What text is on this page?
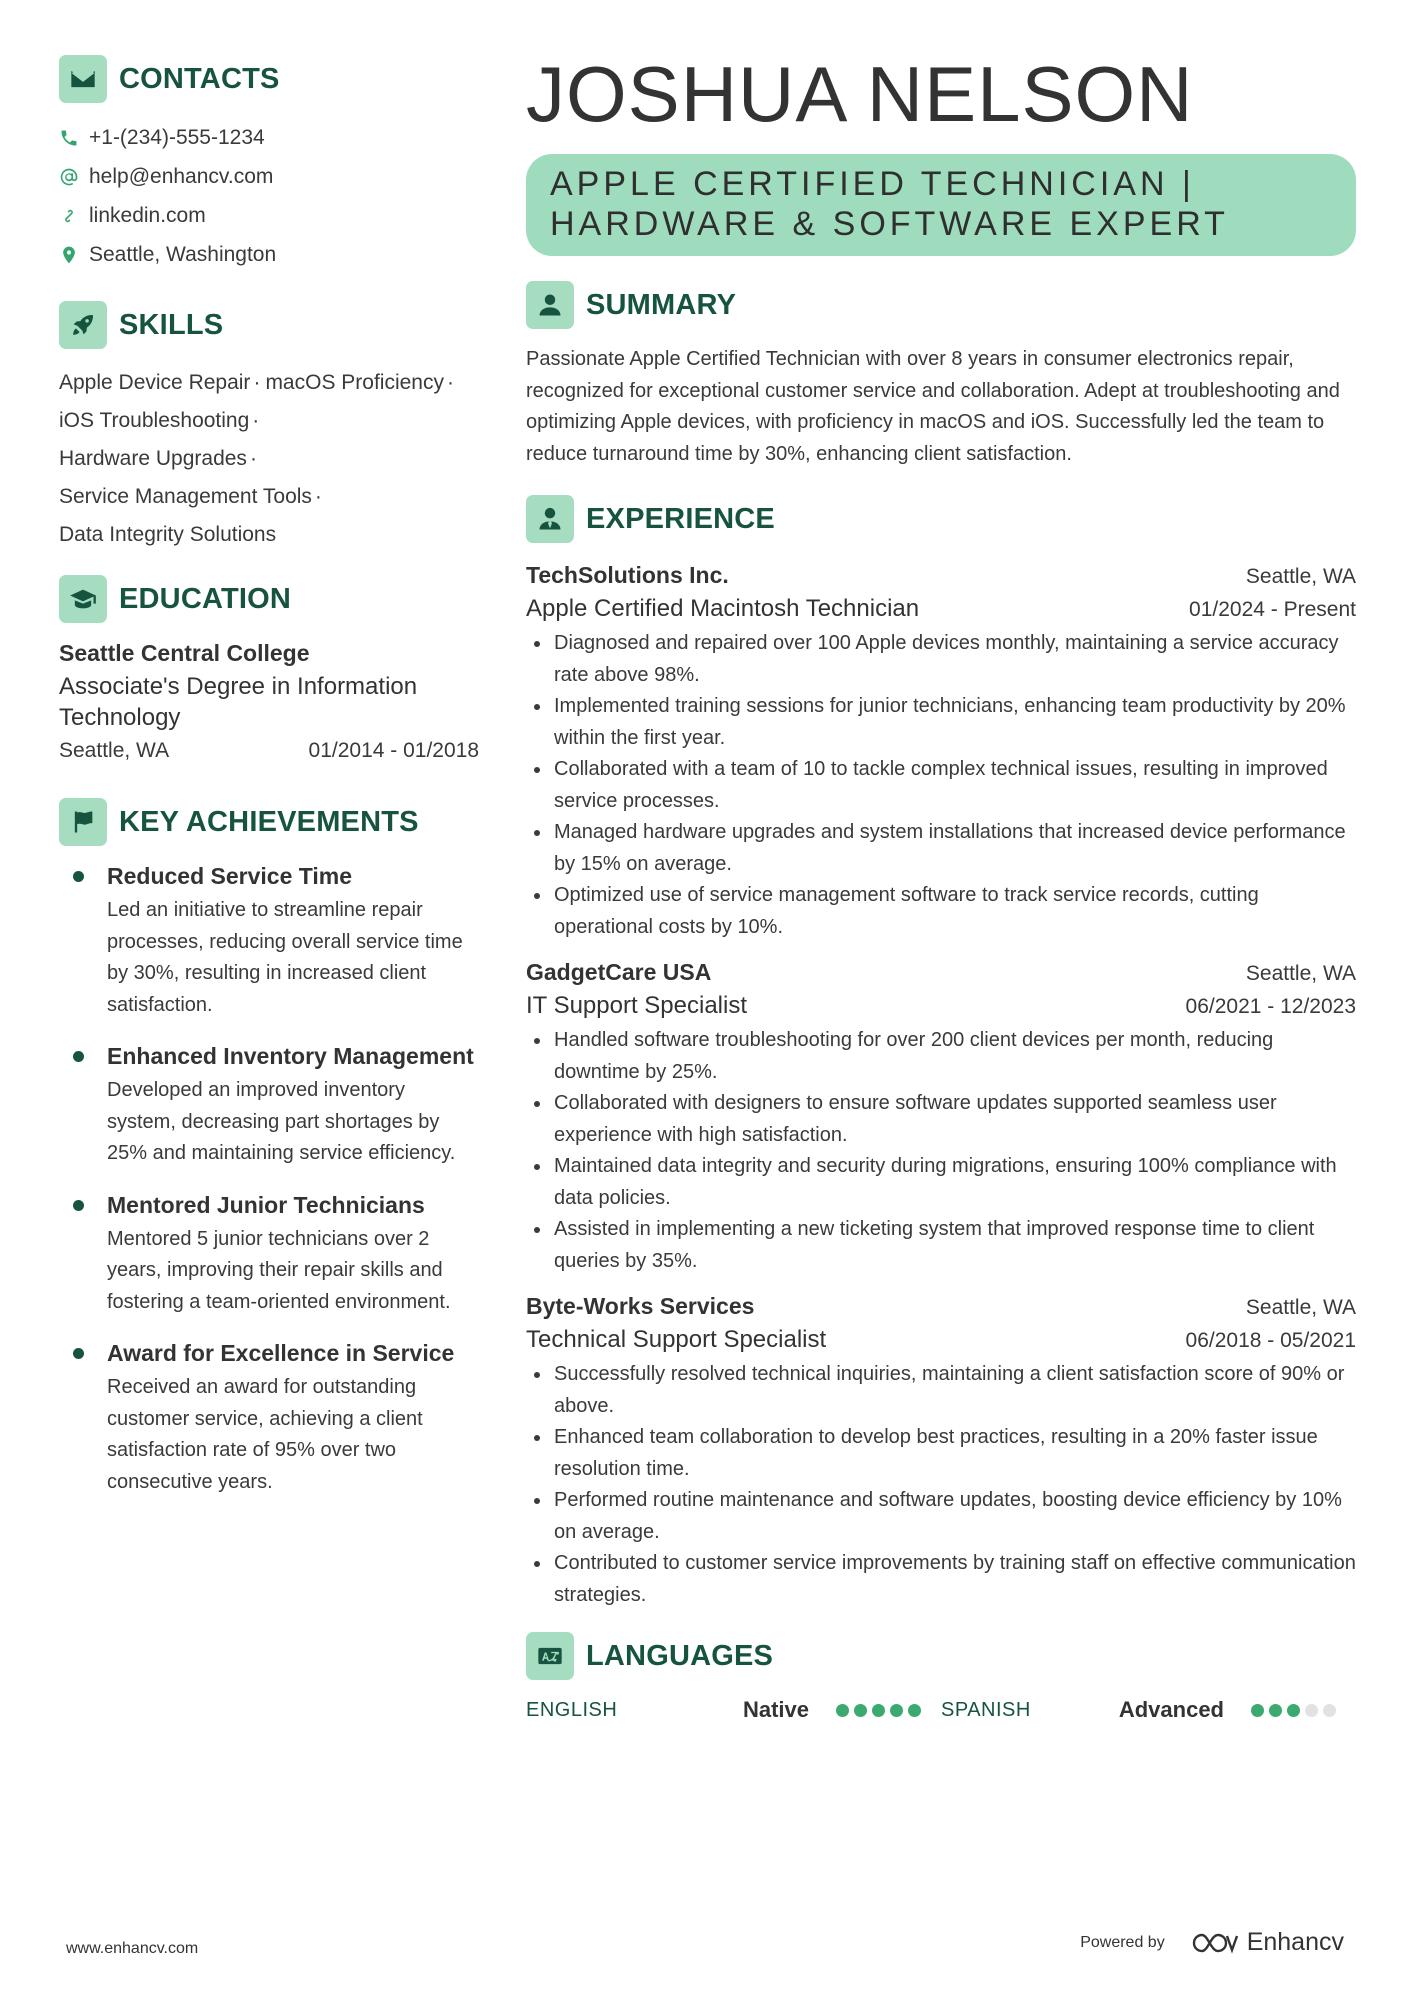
CONTACTS
+1-(234)-555-1234
help@enhancv.com
linkedin.com
Seattle, Washington
SKILLS
Apple Device Repair · macOS Proficiency ·
iOS Troubleshooting ·
Hardware Upgrades ·
Service Management Tools ·
Data Integrity Solutions
EDUCATION
Seattle Central College
Associate's Degree in Information Technology
Seattle, WA	01/2014 - 01/2018
KEY ACHIEVEMENTS
Reduced Service Time
Led an initiative to streamline repair processes, reducing overall service time by 30%, resulting in increased client satisfaction.
Enhanced Inventory Management
Developed an improved inventory system, decreasing part shortages by 25% and maintaining service efficiency.
Mentored Junior Technicians
Mentored 5 junior technicians over 2 years, improving their repair skills and fostering a team-oriented environment.
Award for Excellence in Service
Received an award for outstanding customer service, achieving a client satisfaction rate of 95% over two consecutive years.
JOSHUA NELSON
APPLE CERTIFIED TECHNICIAN |
HARDWARE & SOFTWARE EXPERT
SUMMARY
Passionate Apple Certified Technician with over 8 years in consumer electronics repair, recognized for exceptional customer service and collaboration. Adept at troubleshooting and optimizing Apple devices, with proficiency in macOS and iOS. Successfully led the team to reduce turnaround time by 30%, enhancing client satisfaction.
EXPERIENCE
TechSolutions Inc.	Seattle, WA
Apple Certified Macintosh Technician	01/2024 - Present
Diagnosed and repaired over 100 Apple devices monthly, maintaining a service accuracy rate above 98%.
Implemented training sessions for junior technicians, enhancing team productivity by 20% within the first year.
Collaborated with a team of 10 to tackle complex technical issues, resulting in improved service processes.
Managed hardware upgrades and system installations that increased device performance by 15% on average.
Optimized use of service management software to track service records, cutting operational costs by 10%.
GadgetCare USA	Seattle, WA
IT Support Specialist	06/2021 - 12/2023
Handled software troubleshooting for over 200 client devices per month, reducing downtime by 25%.
Collaborated with designers to ensure software updates supported seamless user experience with high satisfaction.
Maintained data integrity and security during migrations, ensuring 100% compliance with data policies.
Assisted in implementing a new ticketing system that improved response time to client queries by 35%.
Byte-Works Services	Seattle, WA
Technical Support Specialist	06/2018 - 05/2021
Successfully resolved technical inquiries, maintaining a client satisfaction score of 90% or above.
Enhanced team collaboration to develop best practices, resulting in a 20% faster issue resolution time.
Performed routine maintenance and software updates, boosting device efficiency by 10% on average.
Contributed to customer service improvements by training staff on effective communication strategies.
LANGUAGES
ENGLISH	Native	SPANISH	Advanced
www.enhancv.com	Powered by	Enhancv
